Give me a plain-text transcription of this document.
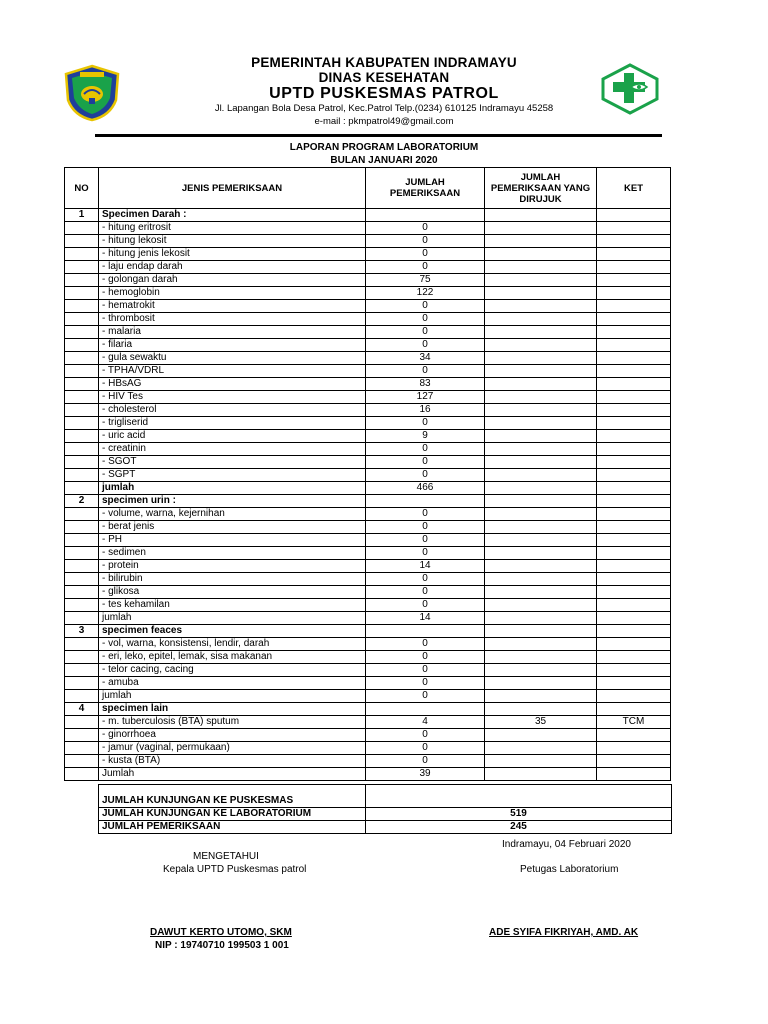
PEMERINTAH KABUPATEN INDRAMAYU
DINAS KESEHATAN
UPTD PUSKESMAS PATROL
Jl. Lapangan Bola Desa Patrol, Kec.Patrol Telp.(0234) 610125 Indramayu 45258
e-mail : pkmpatrol49@gmail.com
LAPORAN PROGRAM LABORATORIUM
BULAN JANUARI 2020
NO	JENIS PEMERIKSAAN	JUMLAH PEMERIKSAAN	JUMLAH PEMERIKSAAN YANG DIRUJUK	KET
1	Specimen Darah :			
	- hitung eritrosit	0		
	- hitung lekosit	0		
	- hitung jenis lekosit	0		
	- laju endap darah	0		
	- golongan darah	75		
	- hemoglobin	122		
	- hematrokit	0		
	- thrombosit	0		
	- malaria	0		
	- filaria	0		
	- gula sewaktu	34		
	- TPHA/VDRL	0		
	- HBsAG	83		
	- HIV Tes	127		
	- cholesterol	16		
	- trigliserid	0		
	- uric acid	9		
	- creatinin	0		
	- SGOT	0		
	- SGPT	0		
	jumlah	466		
2	specimen urin :			
	- volume, warna, kejernihan	0		
	- berat jenis	0		
	- PH	0		
	- sedimen	0		
	- protein	14		
	- bilirubin	0		
	- glikosa	0		
	- tes kehamilan	0		
	jumlah	14		
3	specimen feaces			
	- vol, warna, konsistensi, lendir, darah	0		
	- eri, leko, epitel, lemak, sisa makanan	0		
	- telor cacing, cacing	0		
	- amuba	0		
	jumlah	0		
4	specimen lain			
	- m. tuberculosis (BTA) sputum	4	35	TCM
	- ginorrhoea	0		
	- jamur (vaginal, permukaan)	0		
	- kusta (BTA)	0		
	Jumlah	39		
JUMLAH KUNJUNGAN KE PUSKESMAS	
JUMLAH KUNJUNGAN KE LABORATORIUM	519
JUMLAH PEMERIKSAAN	245
Indramayu, 04 Februari 2020
MENGETAHUI
Kepala UPTD Puskesmas patrol	Petugas Laboratorium
DAWUT KERTO UTOMO, SKM
NIP : 19740710 199503 1 001
ADE SYIFA FIKRIYAH, AMD. AK
